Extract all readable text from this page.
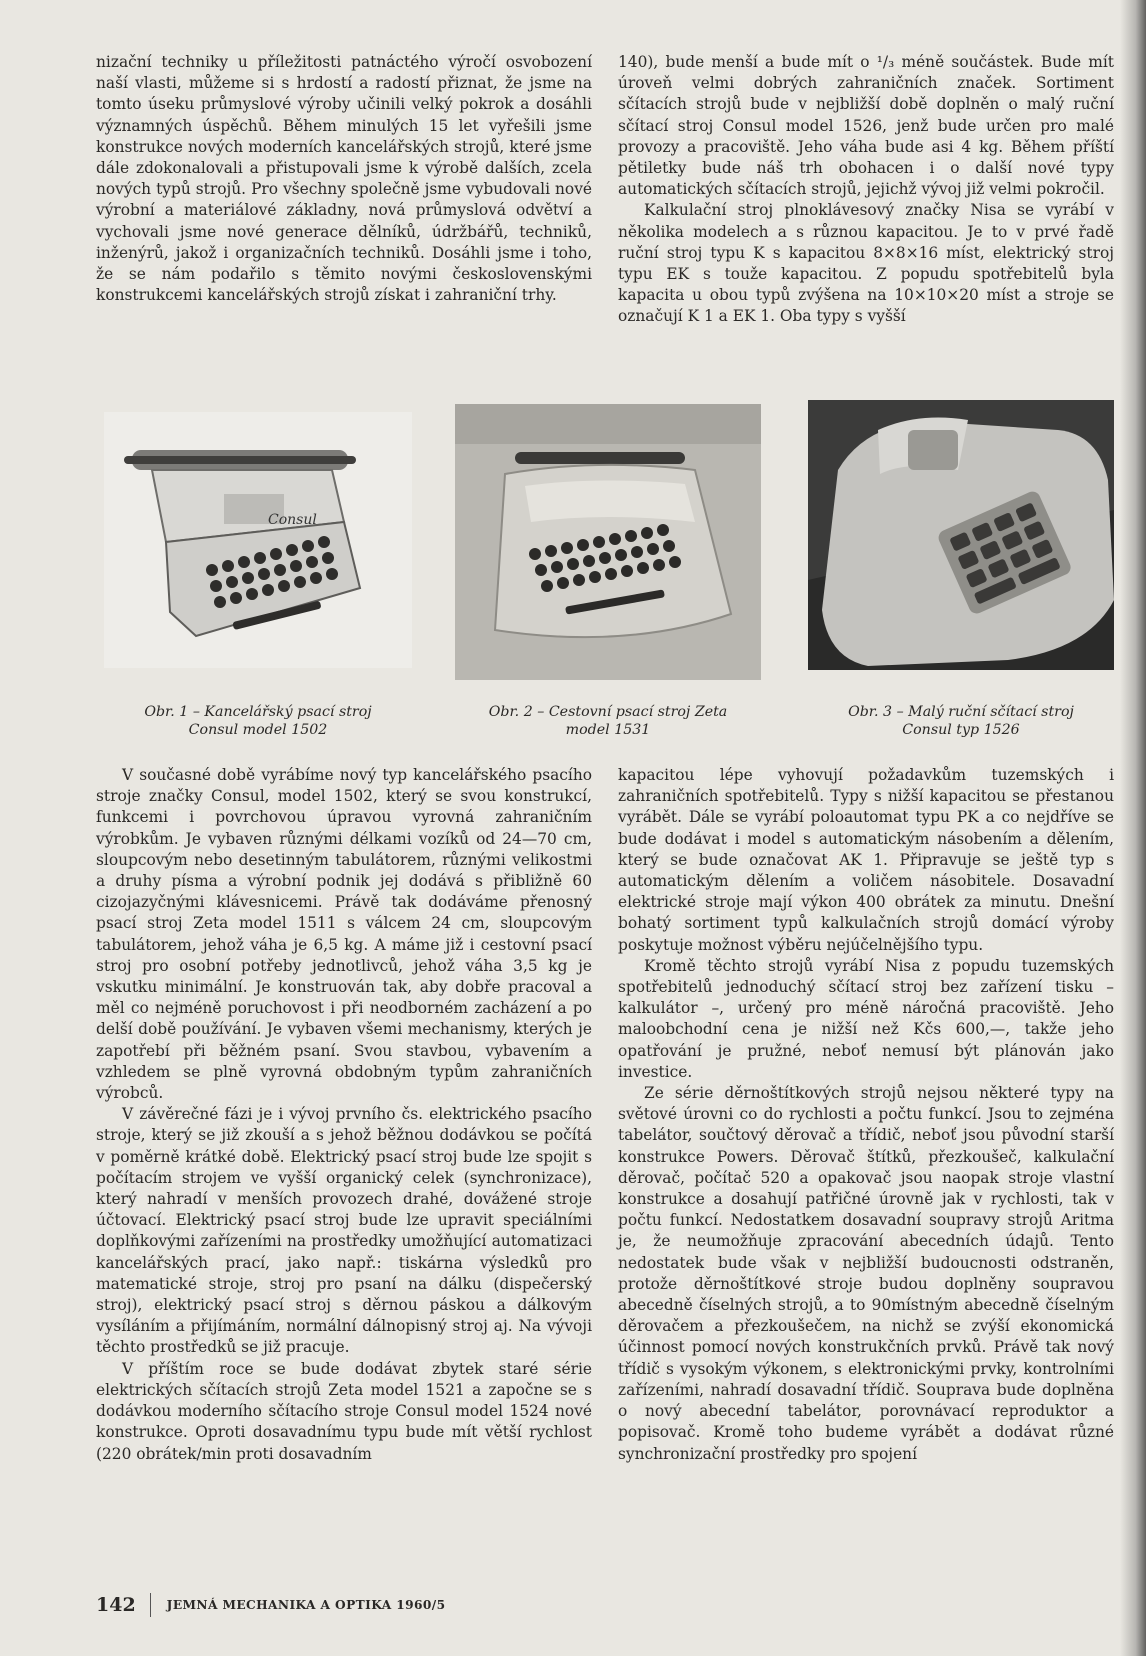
nizační techniky u příležitosti patnáctého výročí osvobození naší vlasti, můžeme si s hrdostí a radostí přiznat, že jsme na tomto úseku průmyslové výroby učinili velký pokrok a dosáhli významných úspěchů. Během minulých 15 let vyřešili jsme konstrukce nových moderních kancelářských strojů, které jsme dále zdokonalovali a přistupovali jsme k výrobě dalších, zcela nových typů strojů. Pro všechny společně jsme vybudovali nové výrobní a materiálové základny, nová průmyslová odvětví a vychovali jsme nové generace dělníků, údržbářů, techniků, inženýrů, jakož i organizačních techniků. Dosáhli jsme i toho, že se nám podařilo s těmito novými československými konstrukcemi kancelářských strojů získat i zahraniční trhy.

140), bude menší a bude mít o ¹/₃ méně součástek. Bude mít úroveň velmi dobrých zahraničních značek. Sortiment sčítacích strojů bude v nejbližší době doplněn o malý ruční sčítací stroj Consul model 1526, jenž bude určen pro malé provozy a pracoviště. Jeho váha bude asi 4 kg. Během příští pětiletky bude náš trh obohacen i o další nové typy automatických sčítacích strojů, jejichž vývoj již velmi pokročil.

Kalkulační stroj plnoklávesový značky Nisa se vyrábí v několika modelech a s různou kapacitou. Je to v prvé řadě ruční stroj typu K s kapacitou 8×8×16 míst, elektrický stroj typu EK s touže kapacitou. Z popudu spotřebitelů byla kapacita u obou typů zvýšena na 10×10×20 míst a stroje se označují K 1 a EK 1. Oba typy s vyšší

Consul
Obr. 1 – Kancelářský psací stroj
Consul model 1502
Obr. 2 – Cestovní psací stroj Zeta
model 1531
Obr. 3 – Malý ruční sčítací stroj
Consul typ 1526

V současné době vyrábíme nový typ kancelářského psacího stroje značky Consul, model 1502, který se svou konstrukcí, funkcemi i povrchovou úpravou vyrovná zahraničním výrobkům. Je vybaven různými délkami vozíků od 24—70 cm, sloupcovým nebo desetinným tabulátorem, různými velikostmi a druhy písma a výrobní podnik jej dodává s přibližně 60 cizojazyčnými klávesnicemi. Právě tak dodáváme přenosný psací stroj Zeta model 1511 s válcem 24 cm, sloupcovým tabulátorem, jehož váha je 6,5 kg. A máme již i cestovní psací stroj pro osobní potřeby jednotlivců, jehož váha 3,5 kg je vskutku minimální. Je konstruován tak, aby dobře pracoval a měl co nejméně poruchovost i při neodborném zacházení a po delší době používání. Je vybaven všemi mechanismy, kterých je zapotřebí při běžném psaní. Svou stavbou, vybavením a vzhledem se plně vyrovná obdobným typům zahraničních výrobců.

V závěrečné fázi je i vývoj prvního čs. elektrického psacího stroje, který se již zkouší a s jehož běžnou dodávkou se počítá v poměrně krátké době. Elektrický psací stroj bude lze spojit s počítacím strojem ve vyšší organický celek (synchronizace), který nahradí v menších provozech drahé, dovážené stroje účtovací. Elektrický psací stroj bude lze upravit speciálními doplňkovými zařízeními na prostředky umožňující automatizaci kancelářských prací, jako např.: tiskárna výsledků pro matematické stroje, stroj pro psaní na dálku (dispečerský stroj), elektrický psací stroj s děrnou páskou a dálkovým vysíláním a přijímáním, normální dálnopisný stroj aj. Na vývoji těchto prostředků se již pracuje.

V příštím roce se bude dodávat zbytek staré série elektrických sčítacích strojů Zeta model 1521 a započne se s dodávkou moderního sčítacího stroje Consul model 1524 nové konstrukce. Oproti dosavadnímu typu bude mít větší rychlost (220 obrátek/min proti dosavadním

kapacitou lépe vyhovují požadavkům tuzemských i zahraničních spotřebitelů. Typy s nižší kapacitou se přestanou vyrábět. Dále se vyrábí poloautomat typu PK a co nejdříve se bude dodávat i model s automatickým násobením a dělením, který se bude označovat AK 1. Připravuje se ještě typ s automatickým dělením a voličem násobitele. Dosavadní elektrické stroje mají výkon 400 obrátek za minutu. Dnešní bohatý sortiment typů kalkulačních strojů domácí výroby poskytuje možnost výběru nejúčelnějšího typu.

Kromě těchto strojů vyrábí Nisa z popudu tuzemských spotřebitelů jednoduchý sčítací stroj bez zařízení tisku – kalkulátor –, určený pro méně náročná pracoviště. Jeho maloobchodní cena je nižší než Kčs 600,—, takže jeho opatřování je pružné, neboť nemusí být plánován jako investice.

Ze série děrnoštítkových strojů nejsou některé typy na světové úrovni co do rychlosti a počtu funkcí. Jsou to zejména tabelátor, součtový děrovač a třídič, neboť jsou původní starší konstrukce Powers. Děrovač štítků, přezkoušeč, kalkulační děrovač, počítač 520 a opakovač jsou naopak stroje vlastní konstrukce a dosahují patřičné úrovně jak v rychlosti, tak v počtu funkcí. Nedostatkem dosavadní soupravy strojů Aritma je, že neumožňuje zpracování abecedních údajů. Tento nedostatek bude však v nejbližší budoucnosti odstraněn, protože děrnoštítkové stroje budou doplněny soupravou abecedně číselných strojů, a to 90místným abecedně číselným děrovačem a přezkoušečem, na nichž se zvýší ekonomická účinnost pomocí nových konstrukčních prvků. Právě tak nový třídič s vysokým výkonem, s elektronickými prvky, kontrolními zařízeními, nahradí dosavadní třídič. Souprava bude doplněna o nový abecední tabelátor, porovnávací reproduktor a popisovač. Kromě toho budeme vyrábět a dodávat různé synchronizační prostředky pro spojení

142	JEMNÁ MECHANIKA A OPTIKA 1960/5
